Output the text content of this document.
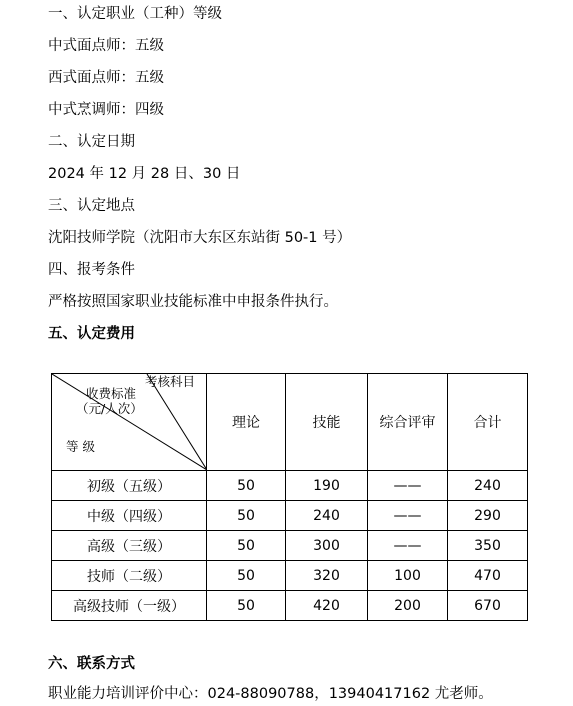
一、认定职业（工种）等级
中式面点师：五级
西式面点师：五级
中式烹调师：四级
二、认定日期
2024 年 12 月 28 日、30 日
三、认定地点
沈阳技师学院（沈阳市大东区东站街 50-1 号）
四、报考条件
严格按照国家职业技能标准中申报条件执行。
五、认定费用
考核科目
收费标准
（元/人次）
等 级	理论	技能	综合评审	合计
初级（五级）	50	190	——	240
中级（四级）	50	240	——	290
高级（三级）	50	300	——	350
技师（二级）	50	320	100	470
高级技师（一级）	50	420	200	670
六、联系方式
职业能力培训评价中心：024-88090788，13940417162 尤老师。
